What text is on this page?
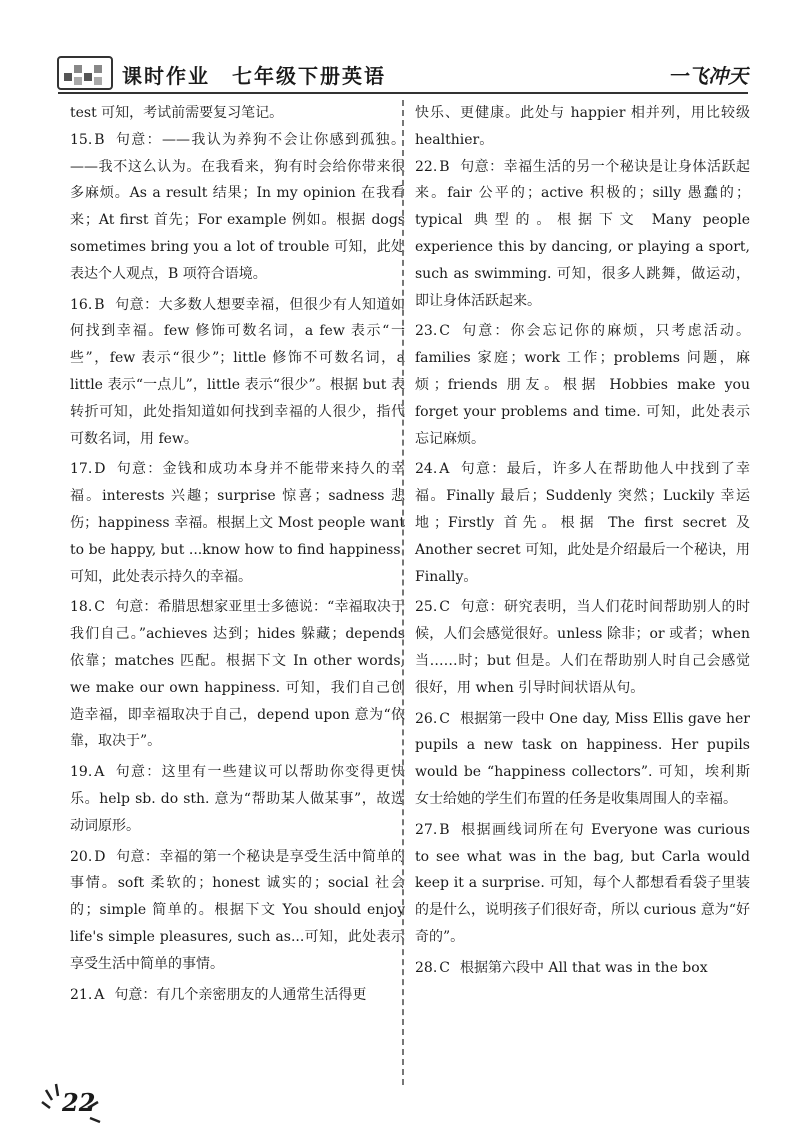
课时作业　七年级下册英语	一飞冲天

test 可知，考试前需要复习笔记。

15. B 句意：——我认为养狗不会让你感到孤独。——我不这么认为。在我看来，狗有时会给你带来很多麻烦。As a result 结果；In my opinion 在我看来；At first 首先；For example 例如。根据 dogs sometimes bring you a lot of trouble 可知，此处表达个人观点，B 项符合语境。

16. B 句意：大多数人想要幸福，但很少有人知道如何找到幸福。few 修饰可数名词，a few 表示“一些”，few 表示“很少”；little 修饰不可数名词，a little 表示“一点儿”，little 表示“很少”。根据 but 表转折可知，此处指知道如何找到幸福的人很少，指代可数名词，用 few。

17. D 句意：金钱和成功本身并不能带来持久的幸福。interests 兴趣；surprise 惊喜；sadness 悲伤；happiness 幸福。根据上文 Most people want to be happy, but ...know how to find happiness. 可知，此处表示持久的幸福。

18. C 句意：希腊思想家亚里士多德说：“幸福取决于我们自己。”achieves 达到；hides 躲藏；depends 依靠；matches 匹配。根据下文 In other words, we make our own happiness. 可知，我们自己创造幸福，即幸福取决于自己，depend upon 意为“依靠，取决于”。

19. A 句意：这里有一些建议可以帮助你变得更快乐。help sb. do sth. 意为“帮助某人做某事”，故选动词原形。

20. D 句意：幸福的第一个秘诀是享受生活中简单的事情。soft 柔软的；honest 诚实的；social 社会的；simple 简单的。根据下文 You should enjoy life's simple pleasures, such as...可知，此处表示享受生活中简单的事情。

21. A 句意：有几个亲密朋友的人通常生活得更

快乐、更健康。此处与 happier 相并列，用比较级 healthier。

22. B 句意：幸福生活的另一个秘诀是让身体活跃起来。fair 公平的；active 积极的；silly 愚蠢的；typical 典型的。根据下文 Many people experience this by dancing, or playing a sport, such as swimming. 可知，很多人跳舞，做运动，即让身体活跃起来。

23. C 句意：你会忘记你的麻烦，只考虑活动。families 家庭；work 工作；problems 问题，麻烦；friends 朋友。根据 Hobbies make you forget your problems and time. 可知，此处表示忘记麻烦。

24. A 句意：最后，许多人在帮助他人中找到了幸福。Finally 最后；Suddenly 突然；Luckily 幸运地；Firstly 首先。根据 The first secret 及 Another secret 可知，此处是介绍最后一个秘诀，用 Finally。

25. C 句意：研究表明，当人们花时间帮助别人的时候，人们会感觉很好。unless 除非；or 或者；when 当……时；but 但是。人们在帮助别人时自己会感觉很好，用 when 引导时间状语从句。

26. C 根据第一段中 One day, Miss Ellis gave her pupils a new task on happiness. Her pupils would be “happiness collectors”. 可知，埃利斯女士给她的学生们布置的任务是收集周围人的幸福。

27. B 根据画线词所在句 Everyone was curious to see what was in the bag, but Carla would keep it a surprise. 可知，每个人都想看看袋子里装的是什么，说明孩子们很好奇，所以 curious 意为“好奇的”。

28. C 根据第六段中 All that was in the box

22
